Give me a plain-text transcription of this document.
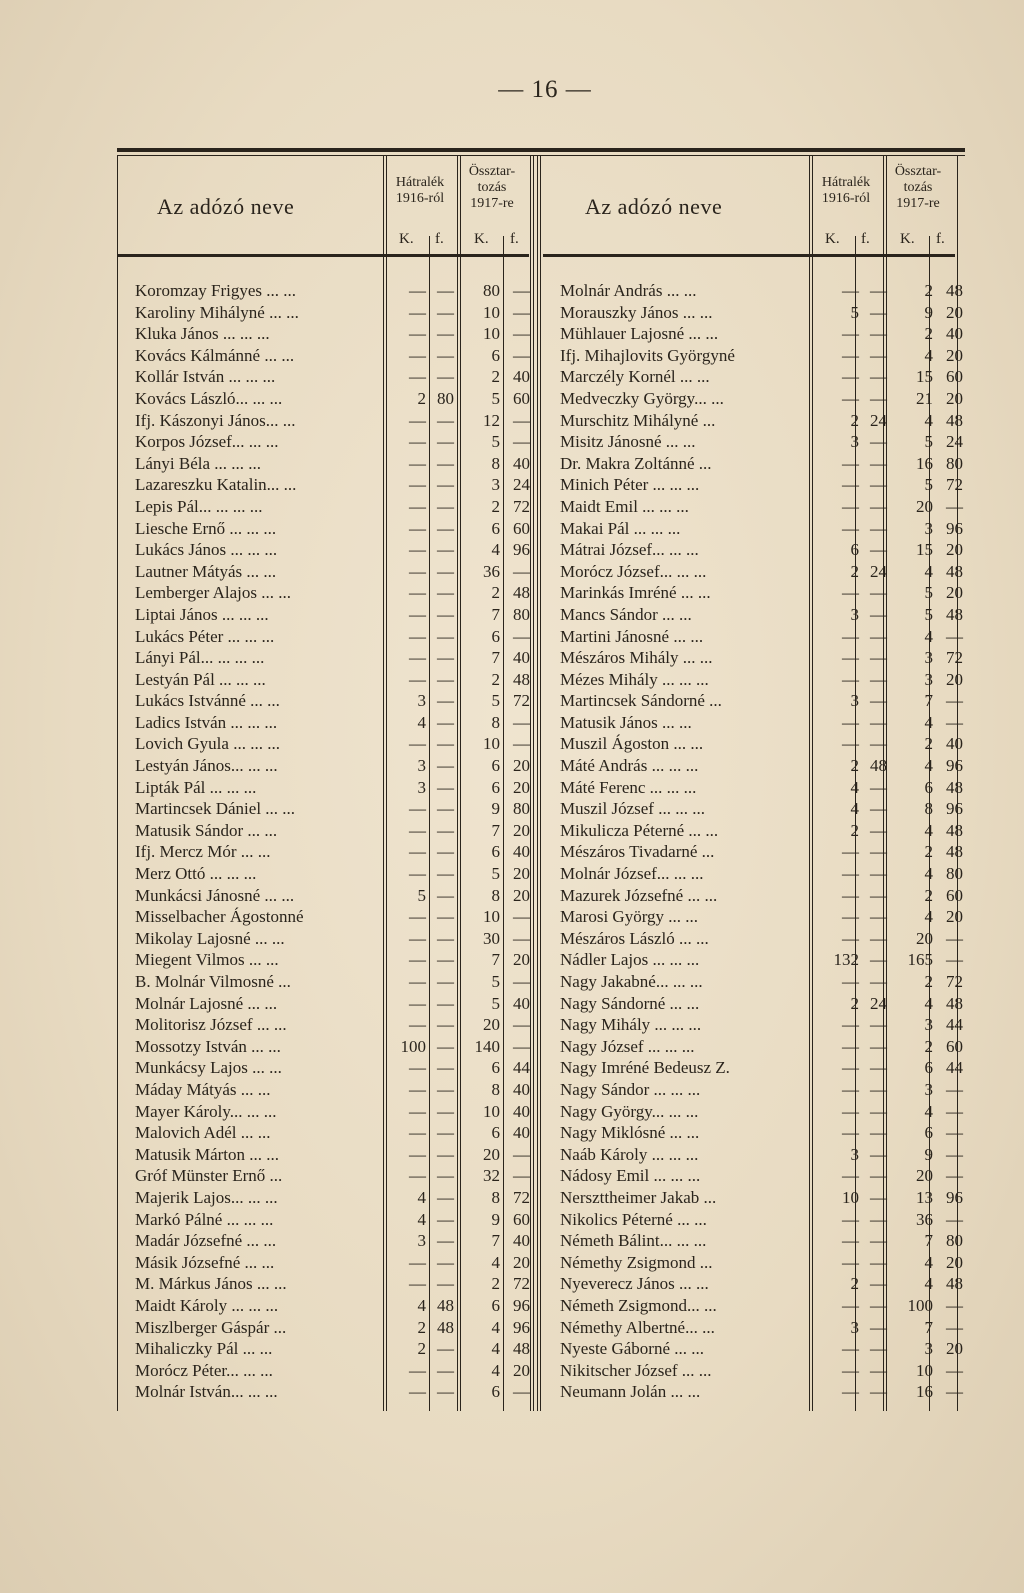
— 16 —
Az adózó neve
Hátralék
1916-ról
Össztar-
tozás
1917-re
K. f. K. f.
Koromzay Frigyes ... ...	— — 80 —
Karoliny Mihályné ... ...	— — 10 —
Kluka János ... ... ...	— — 10 —
Kovács Kálmánné ... ...	— — 6 —
Kollár István ... ... ...	— — 2 40
Kovács László... ... ...	2 80 5 60
Ifj. Kászonyi János... ...	— — 12 —
Korpos József... ... ...	— — 5 —
Lányi Béla ... ... ...	— — 8 40
Lazareszku Katalin... ...	— — 3 24
Lepis Pál... ... ... ...	— — 2 72
Liesche Ernő ... ... ...	— — 6 60
Lukács János ... ... ...	— — 4 96
Lautner Mátyás ... ...	— — 36 —
Lemberger Alajos ... ...	— — 2 48
Liptai János ... ... ...	— — 7 80
Lukács Péter ... ... ...	— — 6 —
Lányi Pál... ... ... ...	— — 7 40
Lestyán Pál ... ... ...	— — 2 48
Lukács Istvánné ... ...	3 — 5 72
Ladics István ... ... ...	4 — 8 —
Lovich Gyula ... ... ...	— — 10 —
Lestyán János... ... ...	3 — 6 20
Lipták Pál ... ... ...	3 — 6 20
Martincsek Dániel ... ...	— — 9 80
Matusik Sándor ... ...	— — 7 20
Ifj. Mercz Mór ... ...	— — 6 40
Merz Ottó ... ... ...	— — 5 20
Munkácsi Jánosné ... ...	5 — 8 20
Misselbacher Ágostonné	— — 10 —
Mikolay Lajosné ... ...	— — 30 —
Miegent Vilmos ... ...	— — 7 20
B. Molnár Vilmosné ...	— — 5 —
Molnár Lajosné ... ...	— — 5 40
Molitorisz József ... ...	— — 20 —
Mossotzy István ... ...	100 — 140 —
Munkácsy Lajos ... ...	— — 6 44
Máday Mátyás ... ...	— — 8 40
Mayer Károly... ... ...	— — 10 40
Malovich Adél ... ...	— — 6 40
Matusik Márton ... ...	— — 20 —
Gróf Münster Ernő ...	— — 32 —
Majerik Lajos... ... ...	4 — 8 72
Markó Pálné ... ... ...	4 — 9 60
Madár Józsefné ... ...	3 — 7 40
Másik Józsefné ... ...	— — 4 20
M. Márkus János ... ...	— — 2 72
Maidt Károly ... ... ...	4 48 6 96
Miszlberger Gáspár ...	2 48 4 96
Mihaliczky Pál ... ...	2 — 4 48
Morócz Péter... ... ...	— — 4 20
Molnár István... ... ...	— — 6 —
Az adózó neve
Hátralék
1916-ról
Össztar-
tozás
1917-re
K. f. K. f.
Molnár András ... ...	— — 2 48
Morauszky János ... ...	5 — 9 20
Mühlauer Lajosné ... ...	— — 2 40
Ifj. Mihajlovits Györgyné	— — 4 20
Marczély Kornél ... ...	— — 15 60
Medveczky György... ...	— — 21 20
Murschitz Mihályné ...	2 24 4 48
Misitz Jánosné ... ...	3 — 5 24
Dr. Makra Zoltánné ...	— — 16 80
Minich Péter ... ... ...	— — 5 72
Maidt Emil ... ... ...	— — 20 —
Makai Pál ... ... ...	— — 3 96
Mátrai József... ... ...	6 — 15 20
Morócz József... ... ...	2 24 4 48
Marinkás Imréné ... ...	— — 5 20
Mancs Sándor ... ...	3 — 5 48
Martini Jánosné ... ...	— — 4 —
Mészáros Mihály ... ...	— — 3 72
Mézes Mihály ... ... ...	— — 3 20
Martincsek Sándorné ...	3 — 7 —
Matusik János ... ...	— — 4 —
Muszil Ágoston ... ...	— — 2 40
Máté András ... ... ...	2 48 4 96
Máté Ferenc ... ... ...	4 — 6 48
Muszil József ... ... ...	4 — 8 96
Mikulicza Péterné ... ...	2 — 4 48
Mészáros Tivadarné ...	— — 2 48
Molnár József... ... ...	— — 4 80
Mazurek Józsefné ... ...	— — 2 60
Marosi György ... ...	— — 4 20
Mészáros László ... ...	— — 20 —
Nádler Lajos ... ... ...	132 — 165 —
Nagy Jakabné... ... ...	— — 2 72
Nagy Sándorné ... ...	2 24 4 48
Nagy Mihály ... ... ...	— — 3 44
Nagy József ... ... ...	— — 2 60
Nagy Imréné Bedeusz Z.	— — 6 44
Nagy Sándor ... ... ...	— — 3 —
Nagy György... ... ...	— — 4 —
Nagy Miklósné ... ...	— — 6 —
Naáb Károly ... ... ...	3 — 9 —
Nádosy Emil ... ... ...	— — 20 —
Nerszttheimer Jakab ...	10 — 13 96
Nikolics Péterné ... ...	— — 36 —
Németh Bálint... ... ...	— — 7 80
Némethy Zsigmond ...	— — 4 20
Nyeverecz János ... ...	2 — 4 48
Németh Zsigmond... ...	— — 100 —
Némethy Albertné... ...	3 — 7 —
Nyeste Gáborné ... ...	— — 3 20
Nikitscher József ... ...	— — 10 —
Neumann Jolán ... ...	— — 16 —
